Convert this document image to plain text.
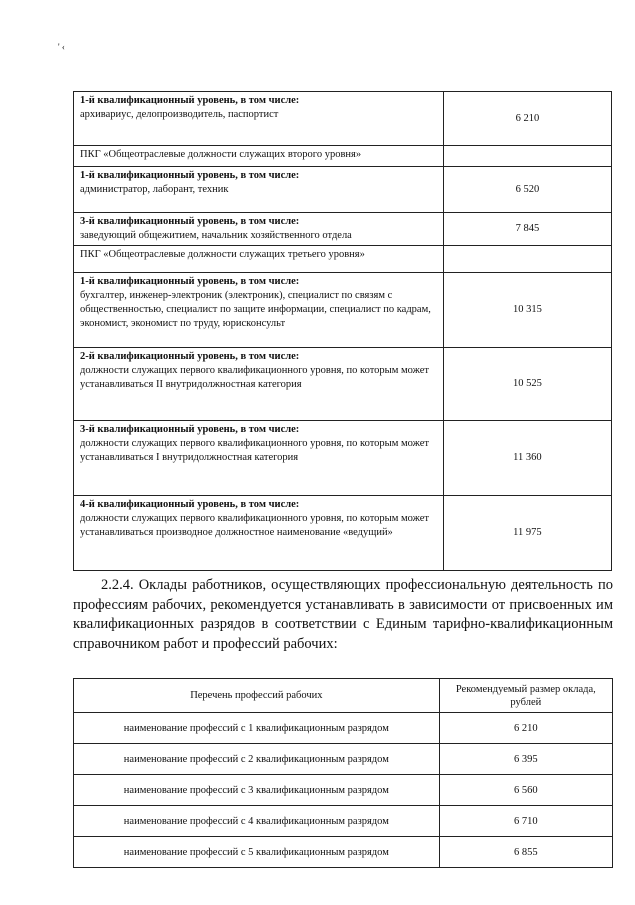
' ‹
1-й квалификационный уровень, в том числе:
архивариус, делопроизводитель, паспортист	6 210
ПКГ «Общеотраслевые должности служащих второго уровня»	

1-й квалификационный уровень, в том числе:
администратор, лаборант, техник	6 520

3-й квалификационный уровень, в том числе:
заведующий общежитием, начальник хозяйственного отдела	7 845
ПКГ «Общеотраслевые должности служащих третьего уровня»	

1-й квалификационный уровень, в том числе:
бухгалтер, инженер-электроник (электроник), специалист по связям с общественностью, специалист по защите информации, специалист по кадрам, экономист, экономист по труду, юрисконсульт	10 315

2-й квалификационный уровень, в том числе:
должности служащих первого квалификационного уровня, по которым может устанавливаться II внутридолжностная категория	10 525

3-й квалификационный уровень, в том числе:
должности служащих первого квалификационного уровня, по которым может устанавливаться I внутридолжностная категория	11 360

4-й квалификационный уровень, в том числе:
должности служащих первого квалификационного уровня, по которым может устанавливаться производное должностное наименование «ведущий»	11 975

2.2.4. Оклады работников, осуществляющих профессиональную деятельность по профессиям рабочих, рекомендуется устанавливать в зависимости от присвоенных им квалификационных разрядов в соответствии с Единым тарифно-квалификационным справочником работ и профессий рабочих:

Перечень профессий рабочих	Рекомендуемый размер оклада, рублей
наименование профессий с 1 квалификационным разрядом	6 210
наименование профессий с 2 квалификационным разрядом	6 395
наименование профессий с 3 квалификационным разрядом	6 560
наименование профессий с 4 квалификационным разрядом	6 710
наименование профессий с 5 квалификационным разрядом	6 855
